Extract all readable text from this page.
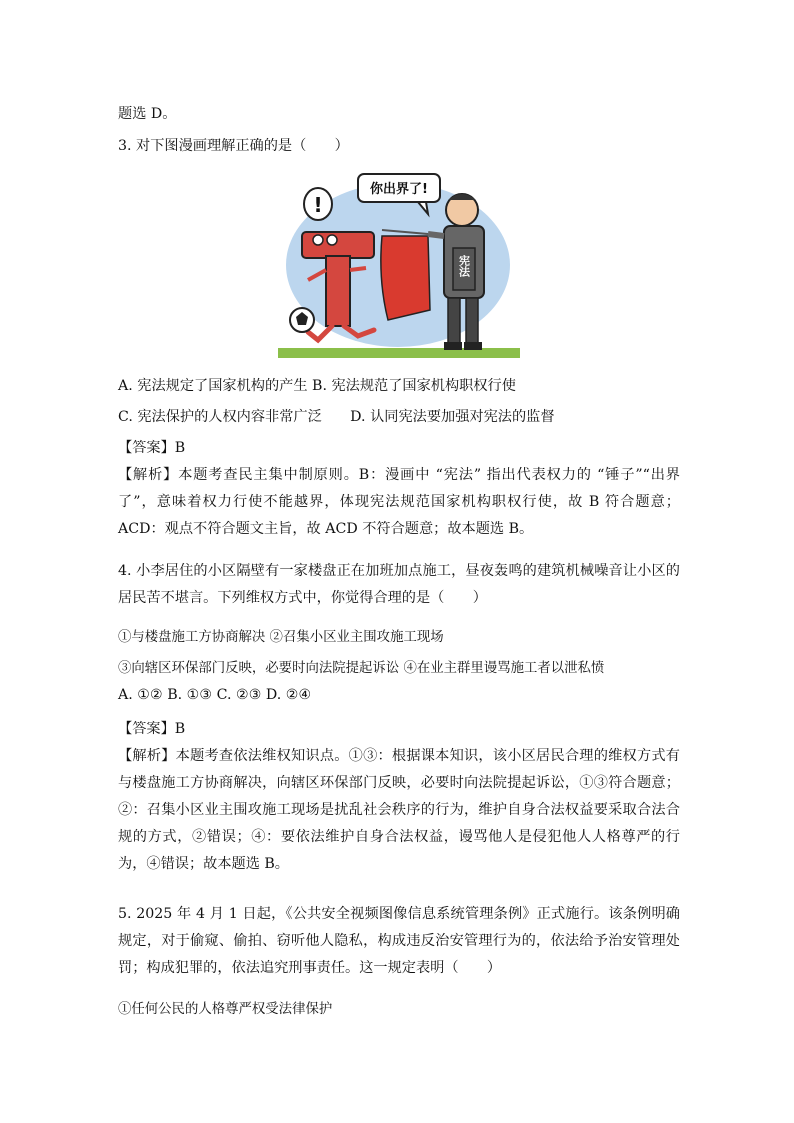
题选 D。
3. 对下图漫画理解正确的是（　　）
你出界了!
!
宪法
A. 宪法规定了国家机构的产生 B. 宪法规范了国家机构职权行使
C. 宪法保护的人权内容非常广泛　　D. 认同宪法要加强对宪法的监督
【答案】B
【解析】本题考查民主集中制原则。B：漫画中 “宪法” 指出代表权力的 “锤子”“出界了”，意味着权力行使不能越界，体现宪法规范国家机构职权行使，故 B 符合题意；ACD：观点不符合题文主旨，故 ACD 不符合题意；故本题选 B。
4. 小李居住的小区隔壁有一家楼盘正在加班加点施工，昼夜轰鸣的建筑机械噪音让小区的居民苦不堪言。下列维权方式中，你觉得合理的是（　　）
①与楼盘施工方协商解决 ②召集小区业主围攻施工现场
③向辖区环保部门反映，必要时向法院提起诉讼 ④在业主群里谩骂施工者以泄私愤
A. ①② B. ①③ C. ②③ D. ②④
【答案】B
【解析】本题考查依法维权知识点。①③：根据课本知识，该小区居民合理的维权方式有与楼盘施工方协商解决，向辖区环保部门反映，必要时向法院提起诉讼，①③符合题意；②：召集小区业主围攻施工现场是扰乱社会秩序的行为，维护自身合法权益要采取合法合规的方式，②错误；④：要依法维护自身合法权益，谩骂他人是侵犯他人人格尊严的行为，④错误；故本题选 B。
5. 2025 年 4 月 1 日起，《公共安全视频图像信息系统管理条例》正式施行。该条例明确规定，对于偷窥、偷拍、窃听他人隐私，构成违反治安管理行为的，依法给予治安管理处罚；构成犯罪的，依法追究刑事责任。这一规定表明（　　）
①任何公民的人格尊严权受法律保护
